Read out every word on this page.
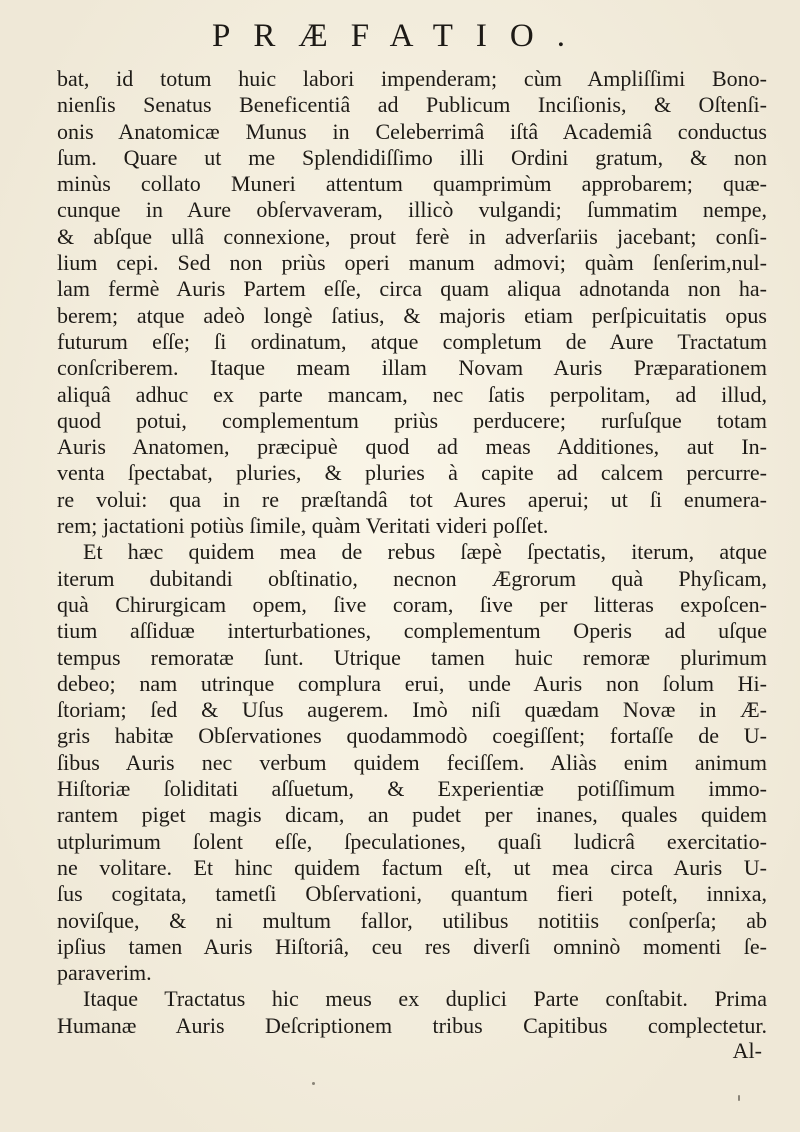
PRÆFATIO.
bat, id totum huic labori impenderam; cùm Ampliſſimi Bono-
nienſis Senatus Beneficentiâ ad Publicum Inciſionis, & Oſtenſi-
onis Anatomicæ Munus in Celeberrimâ iſtâ Academiâ conductus
ſum. Quare ut me Splendidiſſimo illi Ordini gratum, & non
minùs collato Muneri attentum quamprimùm approbarem; quæ-
cunque in Aure obſervaveram, illicò vulgandi; ſummatim nempe,
& abſque ullâ connexione, prout ferè in adverſariis jacebant; conſi-
lium cepi. Sed non priùs operi manum admovi; quàm ſenſerim,nul-
lam fermè Auris Partem eſſe, circa quam aliqua adnotanda non ha-
berem; atque adeò longè ſatius, & majoris etiam perſpicuitatis opus
futurum eſſe; ſi ordinatum, atque completum de Aure Tractatum
conſcriberem. Itaque meam illam Novam Auris Præparationem
aliquâ adhuc ex parte mancam, nec ſatis perpolitam, ad illud,
quod potui, complementum priùs perducere; rurſuſque totam
Auris Anatomen, præcipuè quod ad meas Additiones, aut In-
venta ſpectabat, pluries, & pluries à capite ad calcem percurre-
re volui: qua in re præſtandâ tot Aures aperui; ut ſi enumera-
rem; jactationi potiùs ſimile, quàm Veritati videri poſſet.
Et hæc quidem mea de rebus ſæpè ſpectatis, iterum, atque
iterum dubitandi obſtinatio, necnon Ægrorum quà Phyſicam,
quà Chirurgicam opem, ſive coram, ſive per litteras expoſcen-
tium aſſiduæ interturbationes, complementum Operis ad uſque
tempus remoratæ ſunt. Utrique tamen huic remoræ plurimum
debeo; nam utrinque complura erui, unde Auris non ſolum Hi-
ſtoriam; ſed & Uſus augerem. Imò niſi quædam Novæ in Æ-
gris habitæ Obſervationes quodammodò coegiſſent; fortaſſe de U-
ſibus Auris nec verbum quidem feciſſem. Aliàs enim animum
Hiſtoriæ ſoliditati aſſuetum, & Experientiæ potiſſimum immo-
rantem piget magis dicam, an pudet per inanes, quales quidem
utplurimum ſolent eſſe, ſpeculationes, quaſi ludicrâ exercitatio-
ne volitare. Et hinc quidem factum eſt, ut mea circa Auris U-
ſus cogitata, tametſi Obſervationi, quantum fieri poteſt, innixa,
noviſque, & ni multum fallor, utilibus notitiis conſperſa; ab
ipſius tamen Auris Hiſtoriâ, ceu res diverſi omninò momenti ſe-
paraverim.
Itaque Tractatus hic meus ex duplici Parte conſtabit. Prima
Humanæ Auris Deſcriptionem tribus Capitibus complectetur.
Al-
